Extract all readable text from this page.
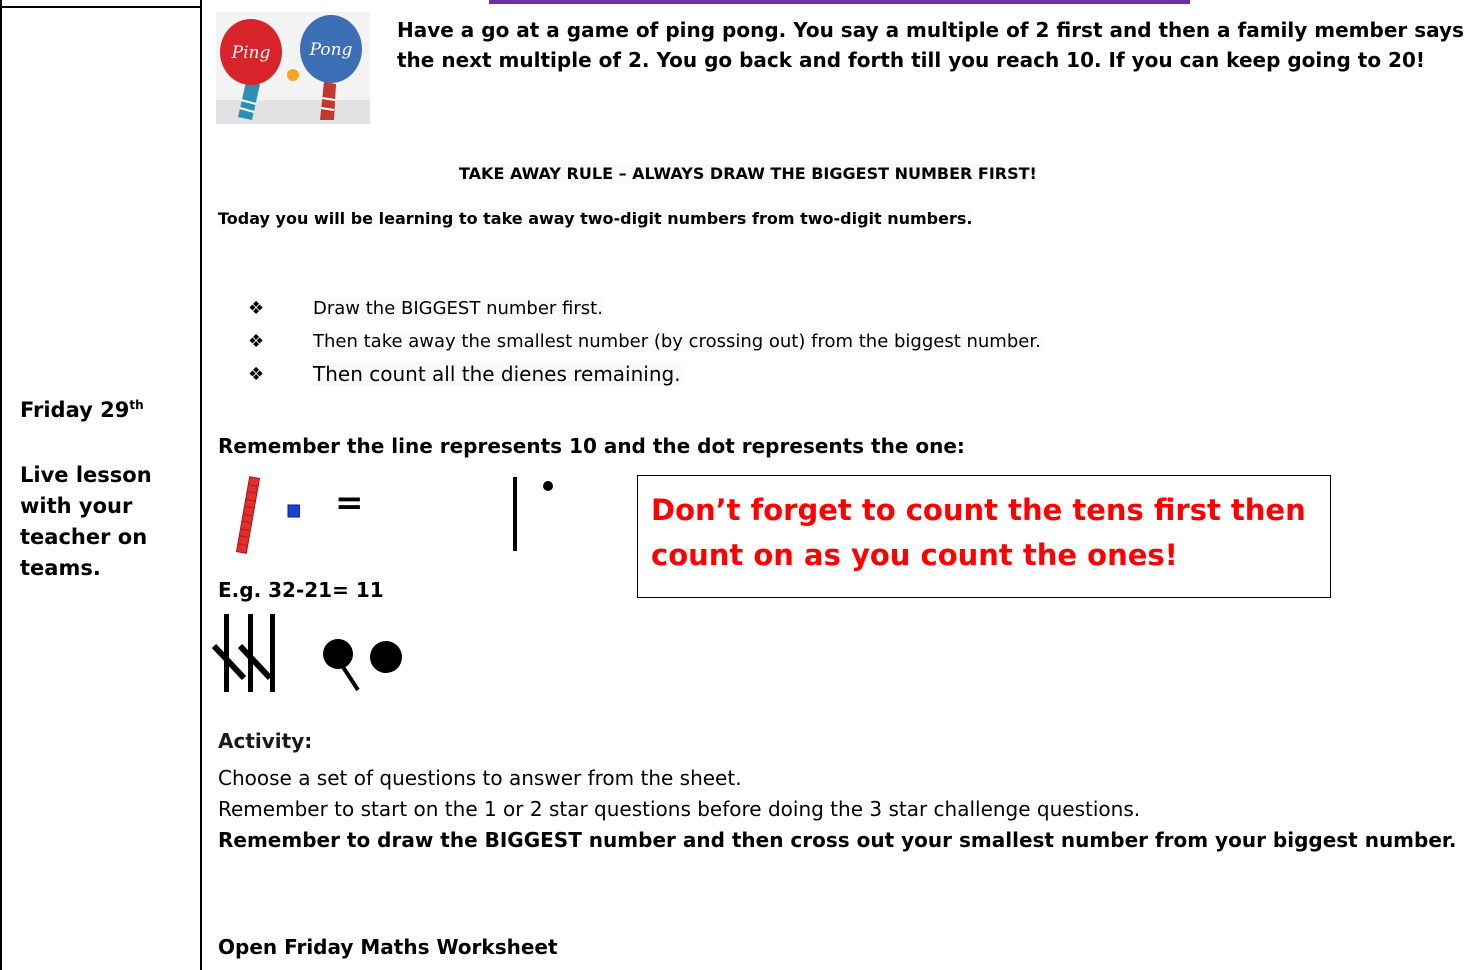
Friday 29th
Live lesson
with your
teacher on
teams.
Ping Pong
Have a go at a game of ping pong. You say a multiple of 2 first and then a family member says the next multiple of 2. You go back and forth till you reach 10. If you can keep going to 20!
TAKE AWAY RULE – ALWAYS DRAW THE BIGGEST NUMBER FIRST!
Today you will be learning to take away two-digit numbers from two-digit numbers.
❖	Draw the BIGGEST number first.
❖	Then take away the smallest number (by crossing out) from the biggest number.
❖ Then count all the dienes remaining.
Remember the line represents 10 and the dot represents the one:
=	Don’t forget to count the tens first then count on as you count the ones!
E.g. 32-21= 11
Activity:

Choose a set of questions to answer from the sheet.

Remember to start on the 1 or 2 star questions before doing the 3 star challenge questions.

Remember to draw the BIGGEST number and then cross out your smallest number from your biggest number.

Open Friday Maths Worksheet
